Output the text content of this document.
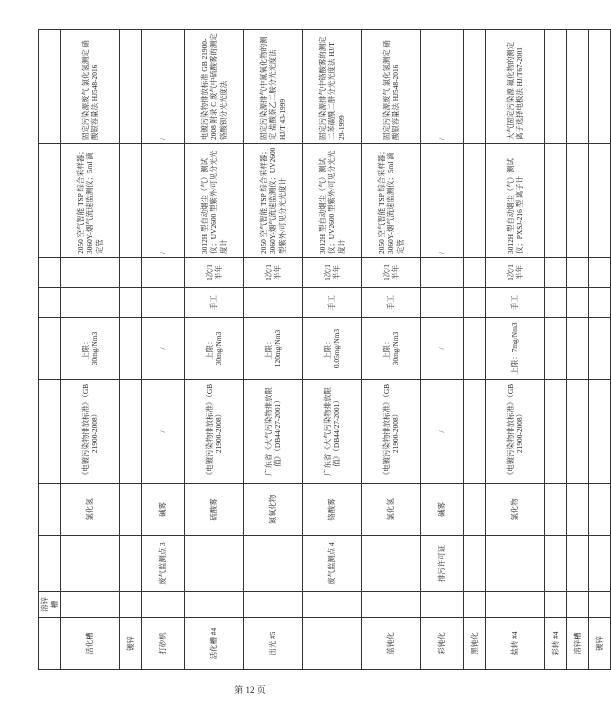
	溶锌槽								
活化槽			氯化氢	《电镀污染物排放标准》（GB 21900-2008）	上限：30mg/Nm3			2050 空气智能 TSP 综合采样器；3060Y-烟气流速监测仪；5ml 滴定管	固定污染源废气 氯化氢测定 硝酸银容量法 HJ548-2016
镀锌									
打砂机		废气监测点 3	碱雾	/	/			/	/
活化槽 #4			硫酸雾	《电镀污染物排放标准》（GB 21900-2008）	上限：30mg/Nm3	手工	1次/1半年	3012H 型自动烟尘（气）测试仪；UV2600 型紫外/可见分光光度计	电镀污染物排放标准 GB 21900-2008 附录 C 废气中硫酸雾的测定 铬酸钡分光光度法
出光 #5			氮氧化物	广东省《大气污染物排放限值》（DB44/27-2001）	上限：120mg/Nm3		1次/1半年	2050 空气智能 TSP 综合采样器；3060Y-烟气流速监测仪；UV2600 型紫外/可见分光光度计	固定污染源排气中氮氧化物的测定 盐酸萘乙二胺分光光度法 HJ/T 43-1999
		废气监测点 4	铬酸雾	广东省《大气污染物排放限值》（DB44/27-2001）	上限：0.05mg/Nm3	手工	1次/1半年	3012H 型自动烟尘（气）测试仪；UV2600 型紫外/可见分光光度计	固定污染源排气中铬酸雾的测定 二苯碳酰二肼分光光度法 HJ/T 29-1999
蓝钝化			氯化氢	《电镀污染物排放标准》（GB 21900-2008）	上限：30mg/Nm3	手工	1次/1半年	2050 空气智能 TSP 综合采样器；3060Y-烟气流速监测仪；5ml 滴定管	固定污染源废气 氯化氢测定 硝酸银容量法 HJ548-2016
彩钝化		排污许可证	碱雾	/	/			/	/
黑钝化									
盐转 #4			氯化物	《电镀污染物排放标准》（GB 21900-2008）	上限：7mg/Nm3	手工	1次/1半年	3012H 型自动烟尘（气）测试仪；PXSJ-216 型 离子计	大气固定污染源 氟化物的测定 离子选择电极法 HJ/T67-2001
彩转 #4									
溶锌槽									
镀锌									
第 12 页
